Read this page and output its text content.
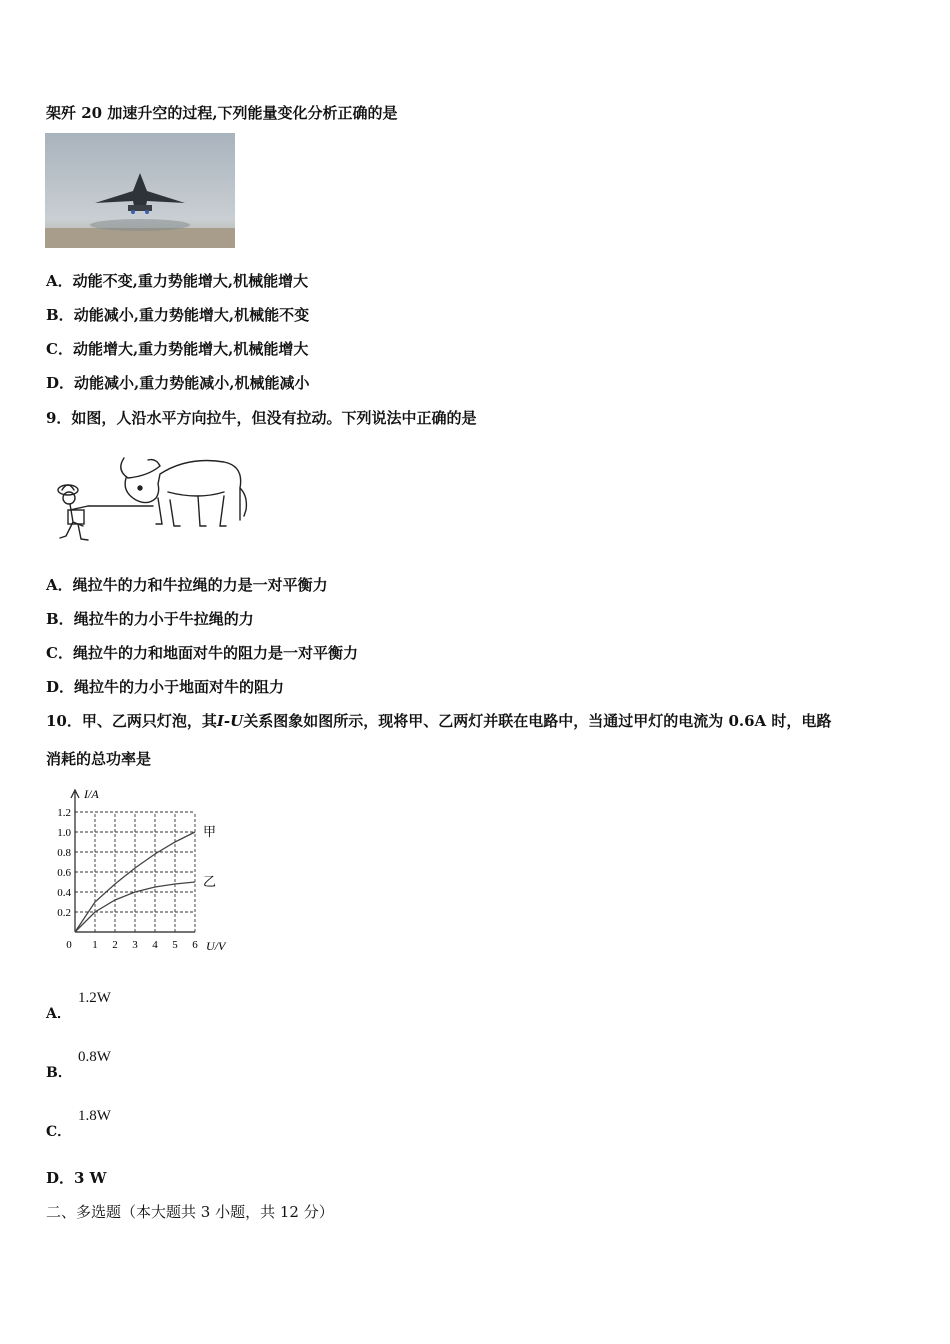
架歼 20 加速升空的过程,下列能量变化分析正确的是
A．动能不变,重力势能增大,机械能增大
B．动能减小,重力势能增大,机械能不变
C．动能增大,重力势能增大,机械能增大
D．动能减小,重力势能减小,机械能减小
9．如图，人沿水平方向拉牛，但没有拉动。下列说法中正确的是
A．绳拉牛的力和牛拉绳的力是一对平衡力
B．绳拉牛的力小于牛拉绳的力
C．绳拉牛的力和地面对牛的阻力是一对平衡力
D．绳拉牛的力小于地面对牛的阻力
10．甲、乙两只灯泡，其I-U关系图象如图所示，现将甲、乙两灯并联在电路中，当通过甲灯的电流为 0.6A 时，电路
消耗的总功率是
0.2
0.4
0.6
0.8
1.0
1.2
0 1 2 3 4 5 6
甲
乙
I/A
U/V
A．
1.2W
B．
0.8W
C．
1.8W
D．3 W
二、多选题（本大题共 3 小题，共 12 分）
